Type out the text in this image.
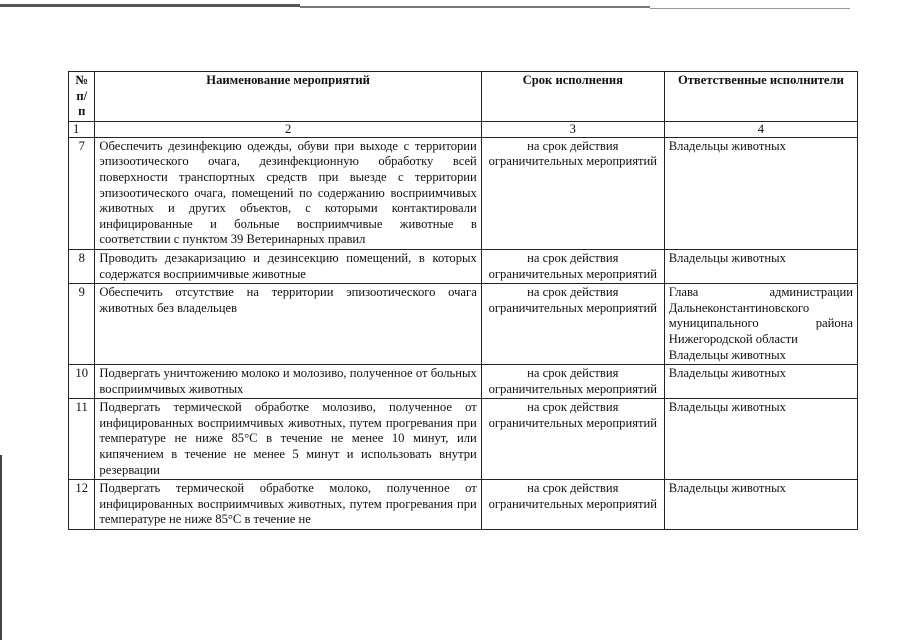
№ п/п	Наименование мероприятий	Срок исполнения	Ответственные исполнители
1	2	3	4
7	Обеспечить дезинфекцию одежды, обуви при выходе с территории эпизоотического очага, дезинфекционную обработку всей поверхности транспортных средств при выезде с территории эпизоотического очага, помещений по содержанию восприимчивых животных и других объектов, с которыми контактировали инфицированные и больные восприимчивые животные в соответствии с пунктом 39 Ветеринарных правил	на срок действия ограничительных мероприятий	Владельцы животных
8	Проводить дезакаризацию и дезинсекцию помещений, в которых содержатся восприимчивые животные	на срок действия ограничительных мероприятий	Владельцы животных
9	Обеспечить отсутствие на территории эпизоотического очага животных без владельцев	на срок действия ограничительных мероприятий	Глава администрации
Дальнеконстантиновского
муниципального района
Нижегородской области
Владельцы животных

10	Подвергать уничтожению молоко и молозиво, полученное от больных восприимчивых животных	на срок действия ограничительных мероприятий	Владельцы животных
11	Подвергать термической обработке молозиво, полученное от инфицированных восприимчивых животных, путем прогревания при температуре не ниже 85°С в течение не менее 10 минут, или кипячением в течение не менее 5 минут и использовать внутри резервации	на срок действия ограничительных мероприятий	Владельцы животных
12	Подвергать термической обработке молоко, полученное от инфицированных восприимчивых животных, путем прогревания при температуре не ниже 85°С в течение не	на срок действия ограничительных мероприятий	Владельцы животных
